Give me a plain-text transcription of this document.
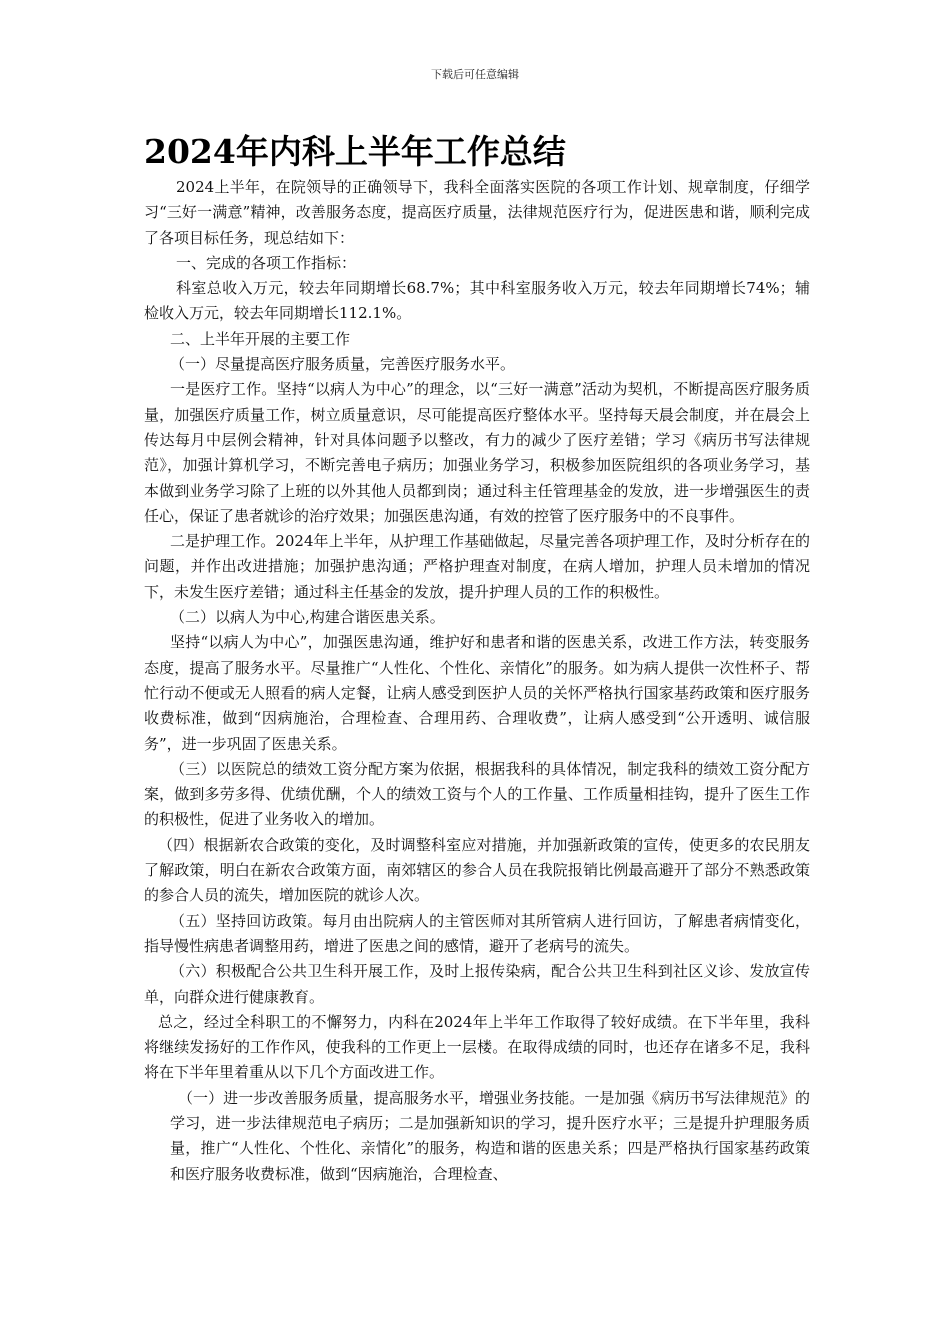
下载后可任意编辑
2024年内科上半年工作总结

2024上半年，在院领导的正确领导下，我科全面落实医院的各项工作计划、规章制度，仔细学习“三好一满意”精神，改善服务态度，提高医疗质量，法律规范医疗行为，促进医患和谐，顺利完成了各项目标任务，现总结如下：

一、完成的各项工作指标：

科室总收入万元，较去年同期增长68.7%；其中科室服务收入万元，较去年同期增长74%；辅检收入万元，较去年同期增长112.1%。

二、上半年开展的主要工作

（一）尽量提高医疗服务质量，完善医疗服务水平。

一是医疗工作。坚持“以病人为中心”的理念，以“三好一满意”活动为契机，不断提高医疗服务质量，加强医疗质量工作，树立质量意识，尽可能提高医疗整体水平。坚持每天晨会制度，并在晨会上传达每月中层例会精神，针对具体问题予以整改，有力的减少了医疗差错；学习《病历书写法律规范》，加强计算机学习，不断完善电子病历；加强业务学习，积极参加医院组织的各项业务学习，基本做到业务学习除了上班的以外其他人员都到岗；通过科主任管理基金的发放，进一步增强医生的责任心，保证了患者就诊的治疗效果；加强医患沟通，有效的控管了医疗服务中的不良事件。

二是护理工作。2024年上半年，从护理工作基础做起，尽量完善各项护理工作，及时分析存在的问题，并作出改进措施；加强护患沟通；严格护理查对制度，在病人增加，护理人员未增加的情况下，未发生医疗差错；通过科主任基金的发放，提升护理人员的工作的积极性。

（二）以病人为中心,构建合谐医患关系。

坚持“以病人为中心”，加强医患沟通，维护好和患者和谐的医患关系，改进工作方法，转变服务态度，提高了服务水平。尽量推广“人性化、个性化、亲情化”的服务。如为病人提供一次性杯子、帮忙行动不便或无人照看的病人定餐，让病人感受到医护人员的关怀严格执行国家基药政策和医疗服务收费标准，做到“因病施治，合理检查、合理用药、合理收费”，让病人感受到“公开透明、诚信服务”，进一步巩固了医患关系。

（三）以医院总的绩效工资分配方案为依据，根据我科的具体情况，制定我科的绩效工资分配方案，做到多劳多得、优绩优酬，个人的绩效工资与个人的工作量、工作质量相挂钩，提升了医生工作的积极性，促进了业务收入的增加。

（四）根据新农合政策的变化，及时调整科室应对措施，并加强新政策的宣传，使更多的农民朋友了解政策，明白在新农合政策方面，南郊辖区的参合人员在我院报销比例最高避开了部分不熟悉政策的参合人员的流失，增加医院的就诊人次。

（五）坚持回访政策。每月由出院病人的主管医师对其所管病人进行回访，了解患者病情变化，指导慢性病患者调整用药，增进了医患之间的感情，避开了老病号的流失。

（六）积极配合公共卫生科开展工作，及时上报传染病，配合公共卫生科到社区义诊、发放宣传单，向群众进行健康教育。

总之，经过全科职工的不懈努力，内科在2024年上半年工作取得了较好成绩。在下半年里，我科将继续发扬好的工作作风，使我科的工作更上一层楼。在取得成绩的同时，也还存在诸多不足，我科将在下半年里着重从以下几个方面改进工作。

（一）进一步改善服务质量，提高服务水平，增强业务技能。一是加强《病历书写法律规范》的学习，进一步法律规范电子病历；二是加强新知识的学习，提升医疗水平；三是提升护理服务质量，推广“人性化、个性化、亲情化”的服务，构造和谐的医患关系；四是严格执行国家基药政策和医疗服务收费标准，做到“因病施治，合理检查、
